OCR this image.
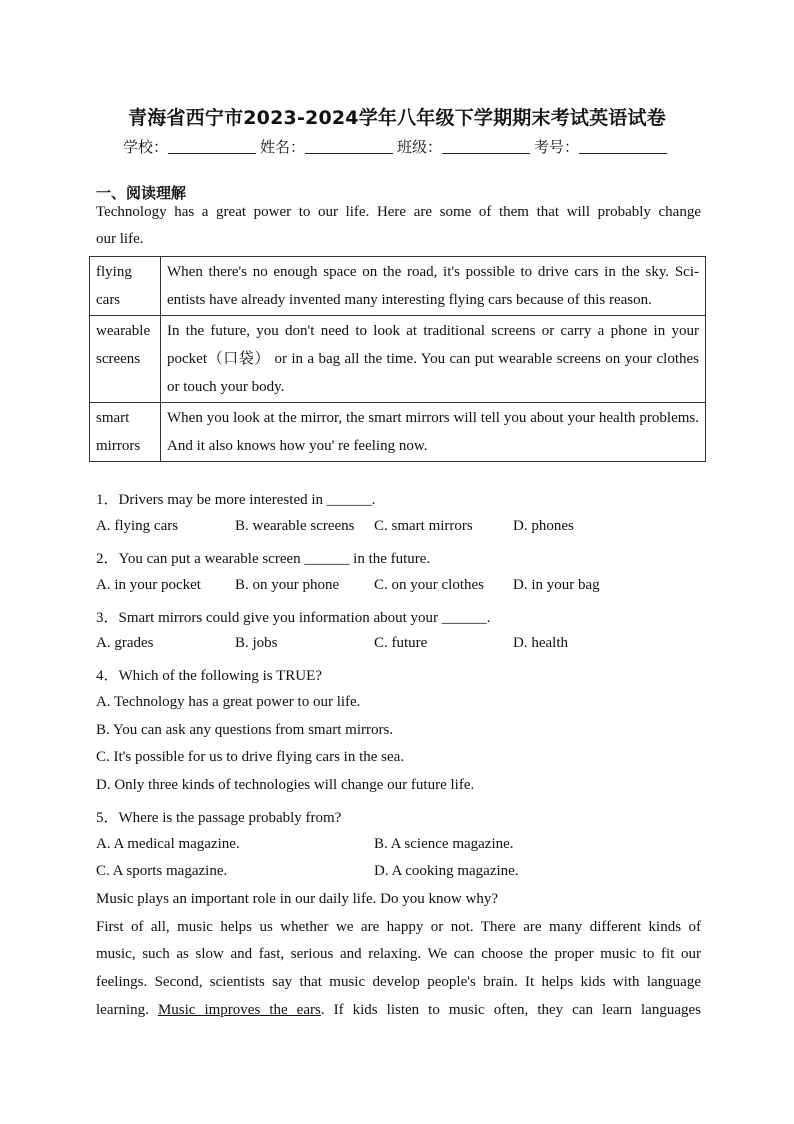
青海省西宁市2023-2024学年八年级下学期期末考试英语试卷
学校：	姓名：	班级：	考号：
一、阅读理解
Technology has a great power to our life. Here are some of them that will probably change
our life.
flying cars	When there's no enough space on the road, it's possible to drive cars in the sky. Sci- entists have already invented many interesting flying cars because of this reason.
wearable screens	In the future, you don't need to look at traditional screens or carry a phone in your pocket（口袋） or in a bag all the time. You can put wearable screens on your clothes or touch your body.
smart mirrors	When you look at the mirror, the smart mirrors will tell you about your health problems. And it also knows how you' re feeling now.
1．Drivers may be more interested in ______.
A. flying cars	B. wearable screens C. smart mirrors	D. phones
2．You can put a wearable screen ______ in the future.
A. in your pocket B. on your phone C. on your clothes D. in your bag
3．Smart mirrors could give you information about your ______.
A. grades	B. jobs	C. future	D. health
4．Which of the following is TRUE?
A. Technology has a great power to our life.
B. You can ask any questions from smart mirrors.
C. It's possible for us to drive flying cars in the sea.
D. Only three kinds of technologies will change our future life.
5．Where is the passage probably from?
A. A medical magazine.	B. A science magazine.
C. A sports magazine.	D. A cooking magazine.
Music plays an important role in our daily life. Do you know why?
First of all, music helps us whether we are happy or not. There are many different kinds of
music, such as slow and fast, serious and relaxing. We can choose the proper music to fit our
feelings. Second, scientists say that music develop people's brain. It helps kids with language
learning. Music improves the ears. If kids listen to music often, they can learn languages
